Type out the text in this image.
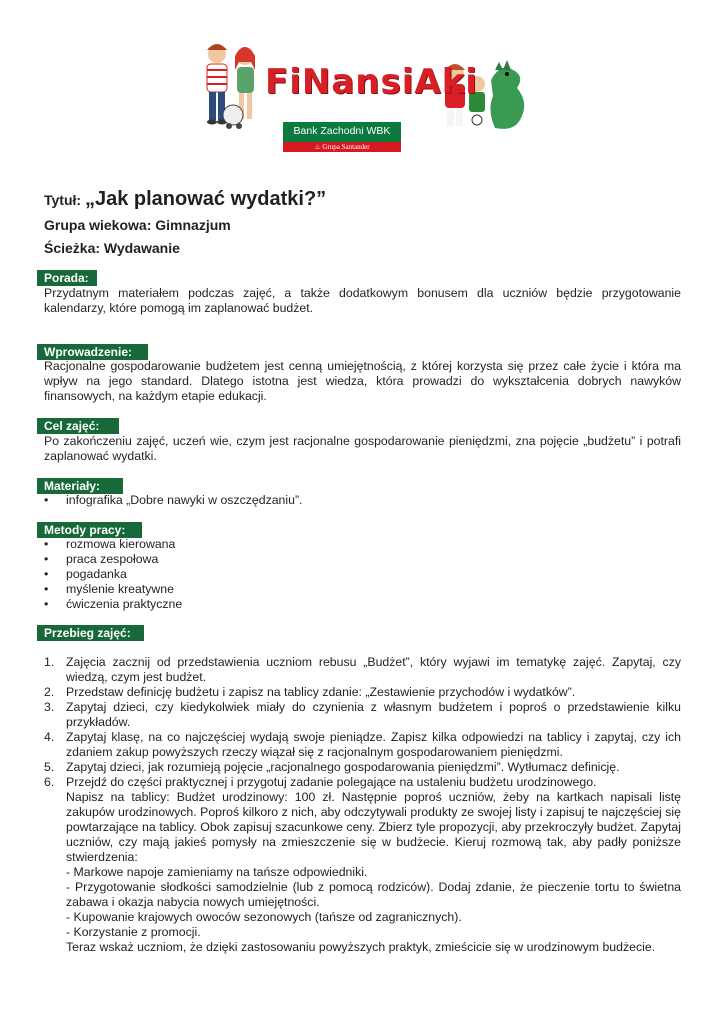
FiNansiAki
Bank Zachodni WBK
♨ Grupa Santander
Tytuł: „Jak planować wydatki?”
Grupa wiekowa: Gimnazjum
Ścieżka: Wydawanie
Porada:
Przydatnym materiałem podczas zajęć, a także dodatkowym bonusem dla uczniów będzie przygotowanie kalendarzy, które pomogą im zaplanować budżet.
Wprowadzenie:
Racjonalne gospodarowanie budżetem jest cenną umiejętnością, z której korzysta się przez całe życie i która ma wpływ na jego standard. Dlatego istotna jest wiedza, która prowadzi do wykształcenia dobrych nawyków finansowych, na każdym etapie edukacji.
Cel zajęć:
Po zakończeniu zajęć, uczeń wie, czym jest racjonalne gospodarowanie pieniędzmi, zna pojęcie „budżetu” i potrafi zaplanować wydatki.
Materiały:
• infografika „Dobre nawyki w oszczędzaniu”.
Metody pracy:
• rozmowa kierowana
• praca zespołowa
• pogadanka
• myślenie kreatywne
• ćwiczenia praktyczne
Przebieg zajęć:
1. Zajęcia zacznij od przedstawienia uczniom rebusu „Budżet”, który wyjawi im tematykę zajęć. Zapytaj, czy wiedzą, czym jest budżet.
2. Przedstaw definicję budżetu i zapisz na tablicy zdanie: „Zestawienie przychodów i wydatków”.
3. Zapytaj dzieci, czy kiedykolwiek miały do czynienia z własnym budżetem i poproś o przedstawienie kilku przykładów.
4. Zapytaj klasę, na co najczęściej wydają swoje pieniądze. Zapisz kilka odpowiedzi na tablicy i zapytaj, czy ich zdaniem zakup powyższych rzeczy wiązał się z racjonalnym gospodarowaniem pieniędzmi.
5. Zapytaj dzieci, jak rozumieją pojęcie „racjonalnego gospodarowania pieniędzmi”. Wytłumacz definicję.
6. Przejdź do części praktycznej i przygotuj zadanie polegające na ustaleniu budżetu urodzinowego.
Napisz na tablicy: Budżet urodzinowy: 100 zł. Następnie poproś uczniów, żeby na kartkach napisali listę zakupów urodzinowych. Poproś kilkoro z nich, aby odczytywali produkty ze swojej listy i zapisuj te najczęściej się powtarzające na tablicy. Obok zapisuj szacunkowe ceny. Zbierz tyle propozycji, aby przekroczyły budżet. Zapytaj uczniów, czy mają jakieś pomysły na zmieszczenie się w budżecie. Kieruj rozmową tak, aby padły poniższe stwierdzenia:
- Markowe napoje zamieniamy na tańsze odpowiedniki.
- Przygotowanie słodkości samodzielnie (lub z pomocą rodziców). Dodaj zdanie, że pieczenie tortu to świetna zabawa i okazja nabycia nowych umiejętności.
- Kupowanie krajowych owoców sezonowych (tańsze od zagranicznych).
- Korzystanie z promocji.
Teraz wskaż uczniom, że dzięki zastosowaniu powyższych praktyk, zmieścicie się w urodzinowym budżecie.
